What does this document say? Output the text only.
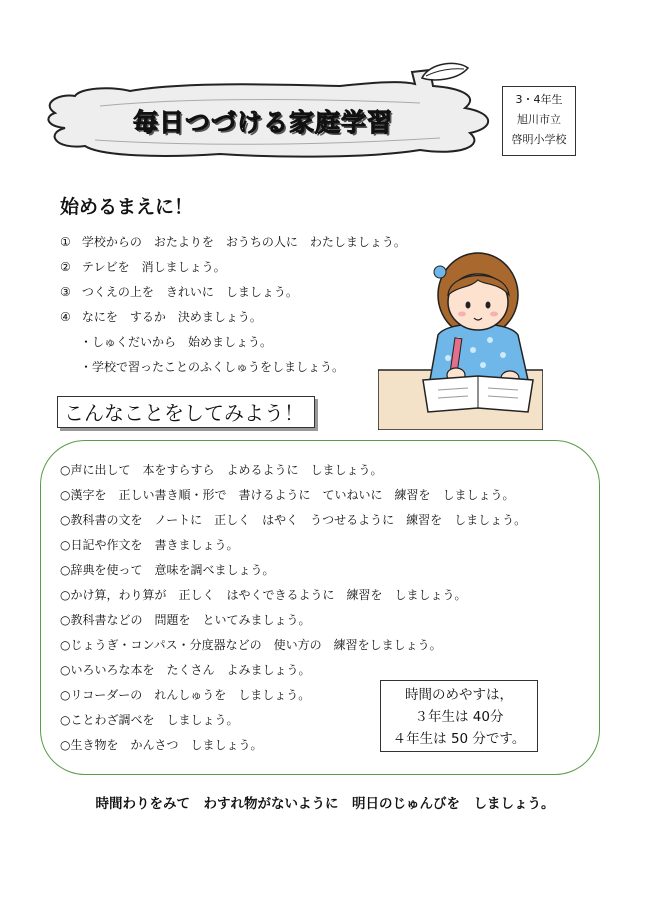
毎日つづける家庭学習
3・4年生
旭川市立
啓明小学校
始めるまえに！
① 学校からの　おたよりを　おうちの人に　わたしましょう。
② テレビを　消しましょう。
③ つくえの上を　きれいに　しましょう。
④ なにを　するか　決めましょう。
・しゅくだいから　始めましょう。
・学校で習ったことのふくしゅうをしましょう。
こんなことをしてみよう！
○声に出して　本をすらすら　よめるように　しましょう。
○漢字を　正しい書き順・形で　書けるように　ていねいに　練習を　しましょう。
○教科書の文を　ノートに　正しく　はやく　うつせるように　練習を　しましょう。
○日記や作文を　書きましょう。
○辞典を使って　意味を調べましょう。
○かけ算，わり算が　正しく　はやくできるように　練習を　しましょう。
○教科書などの　問題を　といてみましょう。
○じょうぎ・コンパス・分度器などの　使い方の　練習をしましょう。
○いろいろな本を　たくさん　よみましょう。
○リコーダーの　れんしゅうを　しましょう。
○ことわざ調べを　しましょう。
○生き物を　かんさつ　しましょう。
時間のめやすは，
３年生は 40分
４年生は 50 分です。
時間わりをみて　わすれ物がないように　明日のじゅんびを　しましょう。
